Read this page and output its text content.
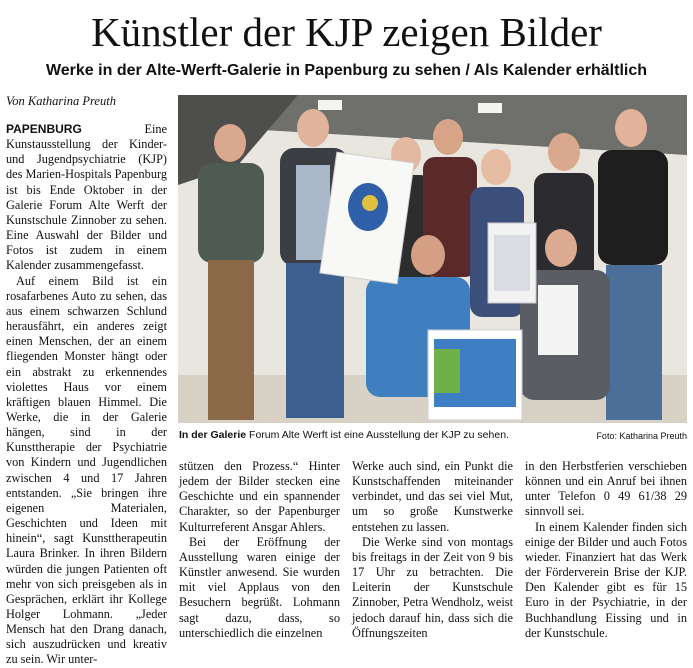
Künstler der KJP zeigen Bilder
Werke in der Alte-Werft-Galerie in Papenburg zu sehen / Als Kalender erhältlich
Von Katharina Preuth

PAPENBURG Eine Kunstausstellung der Kinder- und Jugendpsychiatrie (KJP) des Marien-Hospitals Papenburg ist bis Ende Oktober in der Galerie Forum Alte Werft der Kunstschule Zinnober zu sehen. Eine Auswahl der Bilder und Fotos ist zudem in einem Kalender zusammengefasst.

Auf einem Bild ist ein rosafarbenes Auto zu sehen, das aus einem schwarzen Schlund herausfährt, ein anderes zeigt einen Menschen, der an einem fliegenden Monster hängt oder ein abstrakt zu erkennendes violettes Haus vor einem kräftigen blauen Himmel. Die Werke, die in der Galerie hängen, sind in der Kunsttherapie der Psychiatrie von Kindern und Jugendlichen zwischen 4 und 17 Jahren entstanden. „Sie bringen ihre eigenen Materialen, Geschichten und Ideen mit hinein“, sagt Kunsttherapeutin Laura Brinker. In ihren Bildern würden die jungen Patienten oft mehr von sich preisgeben als in Gesprächen, erklärt ihr Kollege Holger Lohmann. „Jeder Mensch hat den Drang danach, sich auszudrücken und kreativ zu sein. Wir unter-

In der Galerie Forum Alte Werft ist eine Ausstellung der KJP zu sehen.	Foto: Katharina Preuth

stützen den Prozess.“ Hinter jedem der Bilder stecken eine Geschichte und ein spannender Charakter, so der Papenburger Kulturreferent Ansgar Ahlers.

Bei der Eröffnung der Ausstellung waren einige der Künstler anwesend. Sie wurden mit viel Applaus von den Besuchern begrüßt. Lohmann sagt dazu, dass, so unterschiedlich die einzelnen

Werke auch sind, ein Punkt die Kunstschaffenden miteinander verbindet, und das sei viel Mut, um so große Kunstwerke entstehen zu lassen.

Die Werke sind von montags bis freitags in der Zeit von 9 bis 17 Uhr zu betrachten. Die Leiterin der Kunstschule Zinnober, Petra Wendholz, weist jedoch darauf hin, dass sich die Öffnungszeiten

in den Herbstferien verschieben können und ein Anruf bei ihnen unter Telefon 0 49 61/38 29 sinnvoll sei.

In einem Kalender finden sich einige der Bilder und auch Fotos wieder. Finanziert hat das Werk der Förderverein Brise der KJP. Den Kalender gibt es für 15 Euro in der Psychiatrie, in der Buchhandlung Eissing und in der Kunstschule.
